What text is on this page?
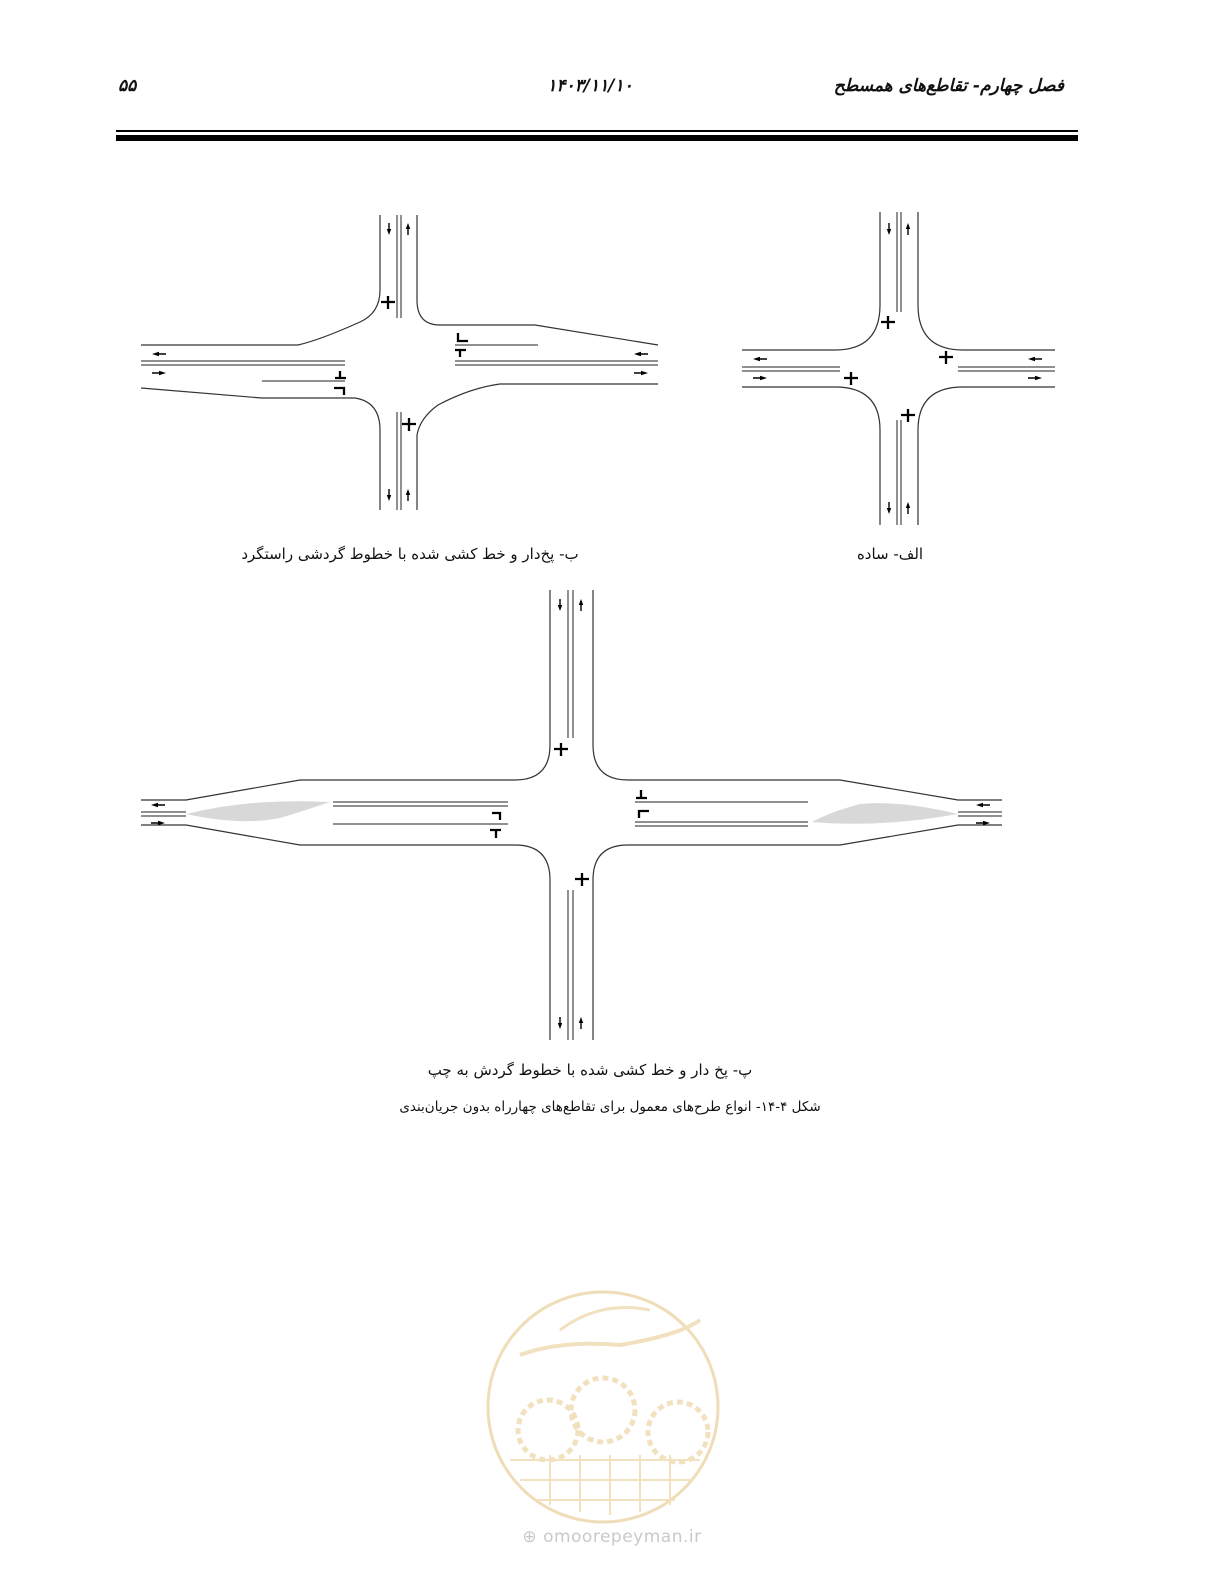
۵۵	۱۴۰۳/۱۱/۱۰	فصل چهارم- تقاطع‌های همسطح
الف- ساده
ب- پخ‌دار و خط کشی شده با خطوط گردشی راستگرد
پ- پخ دار و خط کشی شده با خطوط گردش به چپ
شکل ۴-۱۴- انواع طرح‌های معمول برای تقاطع‌های چهارراه بدون جریان‌بندی
⊕ omoorepeyman.ir
